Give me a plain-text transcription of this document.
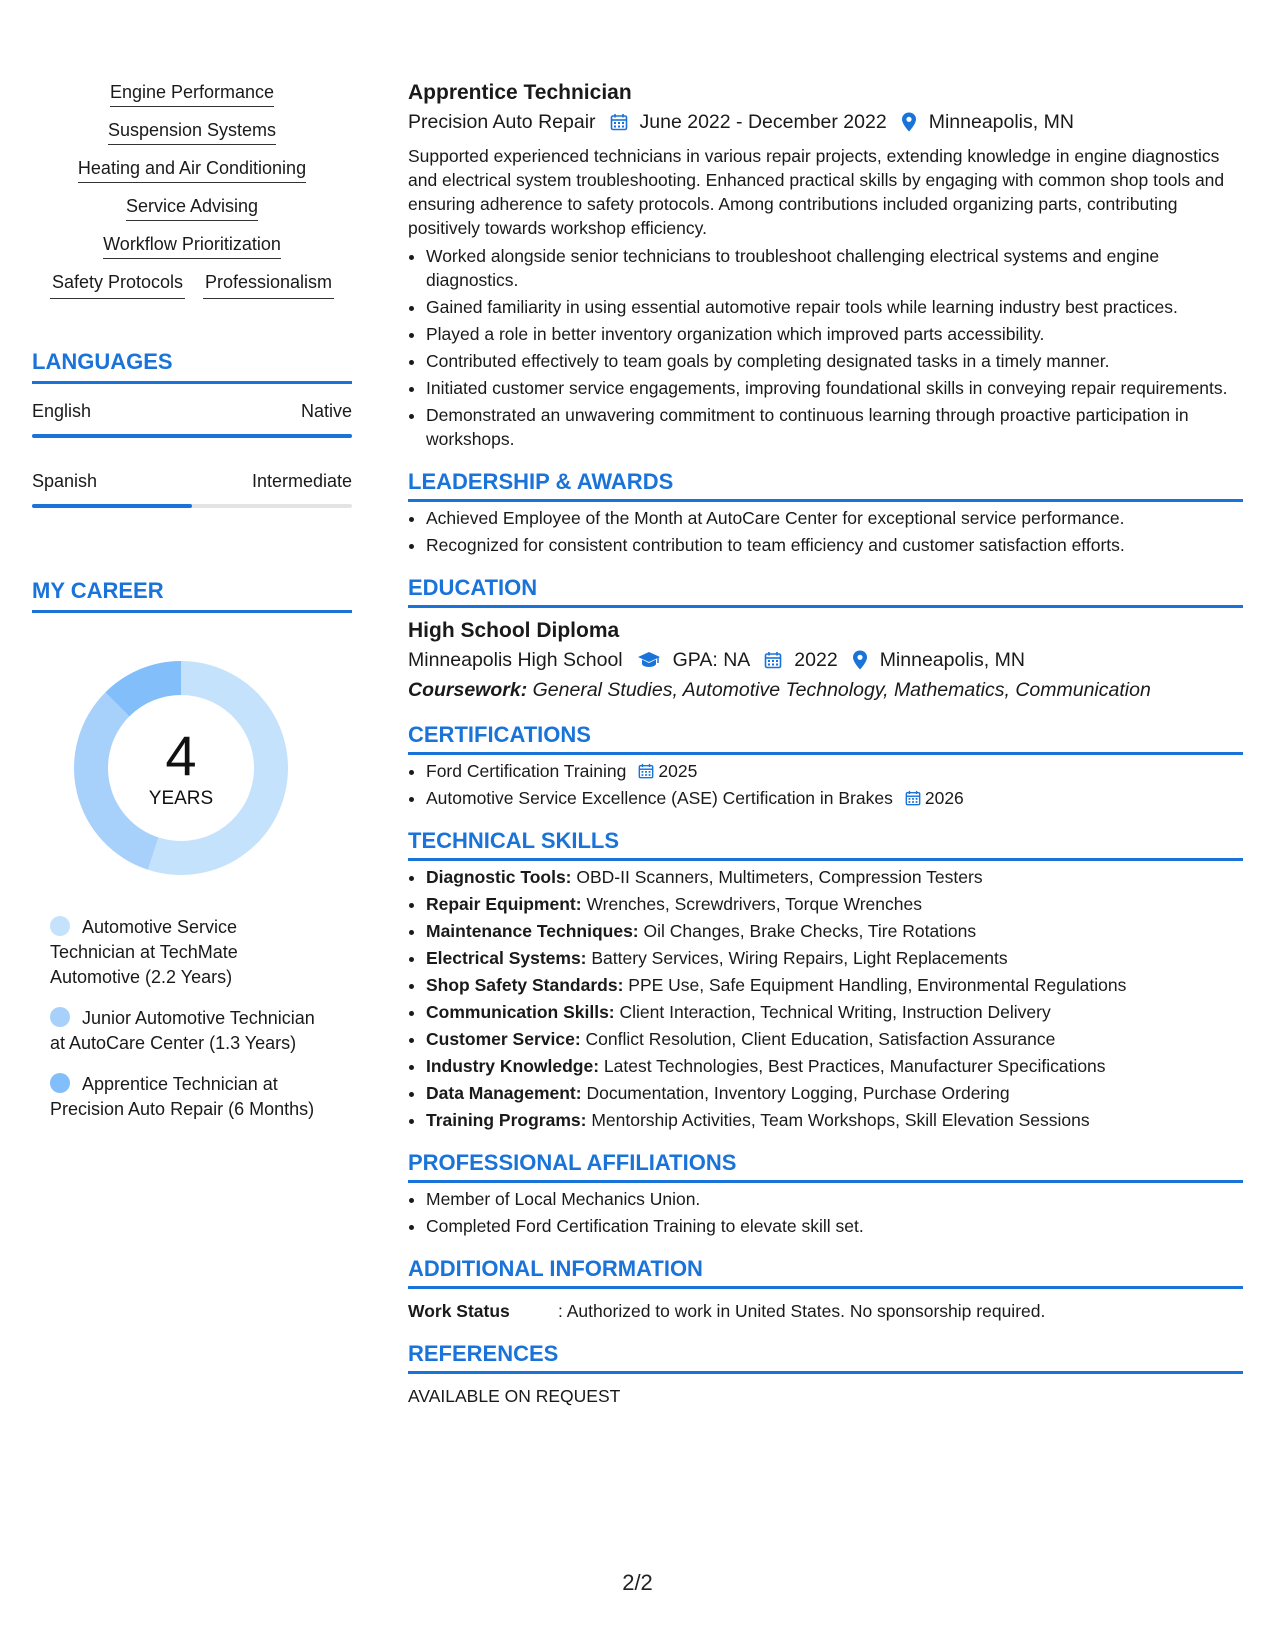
Engine Performance
Suspension Systems
Heating and Air Conditioning
Service Advising
Workflow Prioritization
Safety Protocols Professionalism
LANGUAGES
English	Native
Spanish	Intermediate
MY CAREER
4
YEARS
Automotive Service Technician at TechMate Automotive (2.2 Years)
Junior Automotive Technician at AutoCare Center (1.3 Years)
Apprentice Technician at Precision Auto Repair (6 Months)
Apprentice Technician
Precision Auto Repair June 2022 - December 2022 Minneapolis, MN
Supported experienced technicians in various repair projects, extending knowledge in engine diagnostics and electrical system troubleshooting. Enhanced practical skills by engaging with common shop tools and ensuring adherence to safety protocols. Among contributions included organizing parts, contributing positively towards workshop efficiency.
• Worked alongside senior technicians to troubleshoot challenging electrical systems and engine diagnostics.
• Gained familiarity in using essential automotive repair tools while learning industry best practices.
• Played a role in better inventory organization which improved parts accessibility.
• Contributed effectively to team goals by completing designated tasks in a timely manner.
• Initiated customer service engagements, improving foundational skills in conveying repair requirements.
• Demonstrated an unwavering commitment to continuous learning through proactive participation in workshops.
LEADERSHIP & AWARDS
• Achieved Employee of the Month at AutoCare Center for exceptional service performance.
• Recognized for consistent contribution to team efficiency and customer satisfaction efforts.
EDUCATION
High School Diploma
Minneapolis High School	GPA: NA 2022 Minneapolis, MN
Coursework: General Studies, Automotive Technology, Mathematics, Communication
CERTIFICATIONS
• Ford Certification Training 2025
• Automotive Service Excellence (ASE) Certification in Brakes 2026
TECHNICAL SKILLS
• Diagnostic Tools: OBD-II Scanners, Multimeters, Compression Testers
• Repair Equipment: Wrenches, Screwdrivers, Torque Wrenches
• Maintenance Techniques: Oil Changes, Brake Checks, Tire Rotations
• Electrical Systems: Battery Services, Wiring Repairs, Light Replacements
• Shop Safety Standards: PPE Use, Safe Equipment Handling, Environmental Regulations
• Communication Skills: Client Interaction, Technical Writing, Instruction Delivery
• Customer Service: Conflict Resolution, Client Education, Satisfaction Assurance
• Industry Knowledge: Latest Technologies, Best Practices, Manufacturer Specifications
• Data Management: Documentation, Inventory Logging, Purchase Ordering
• Training Programs: Mentorship Activities, Team Workshops, Skill Elevation Sessions
PROFESSIONAL AFFILIATIONS
• Member of Local Mechanics Union.
• Completed Ford Certification Training to elevate skill set.
ADDITIONAL INFORMATION
Work Status	: Authorized to work in United States. No sponsorship required.
REFERENCES
AVAILABLE ON REQUEST
2/2
